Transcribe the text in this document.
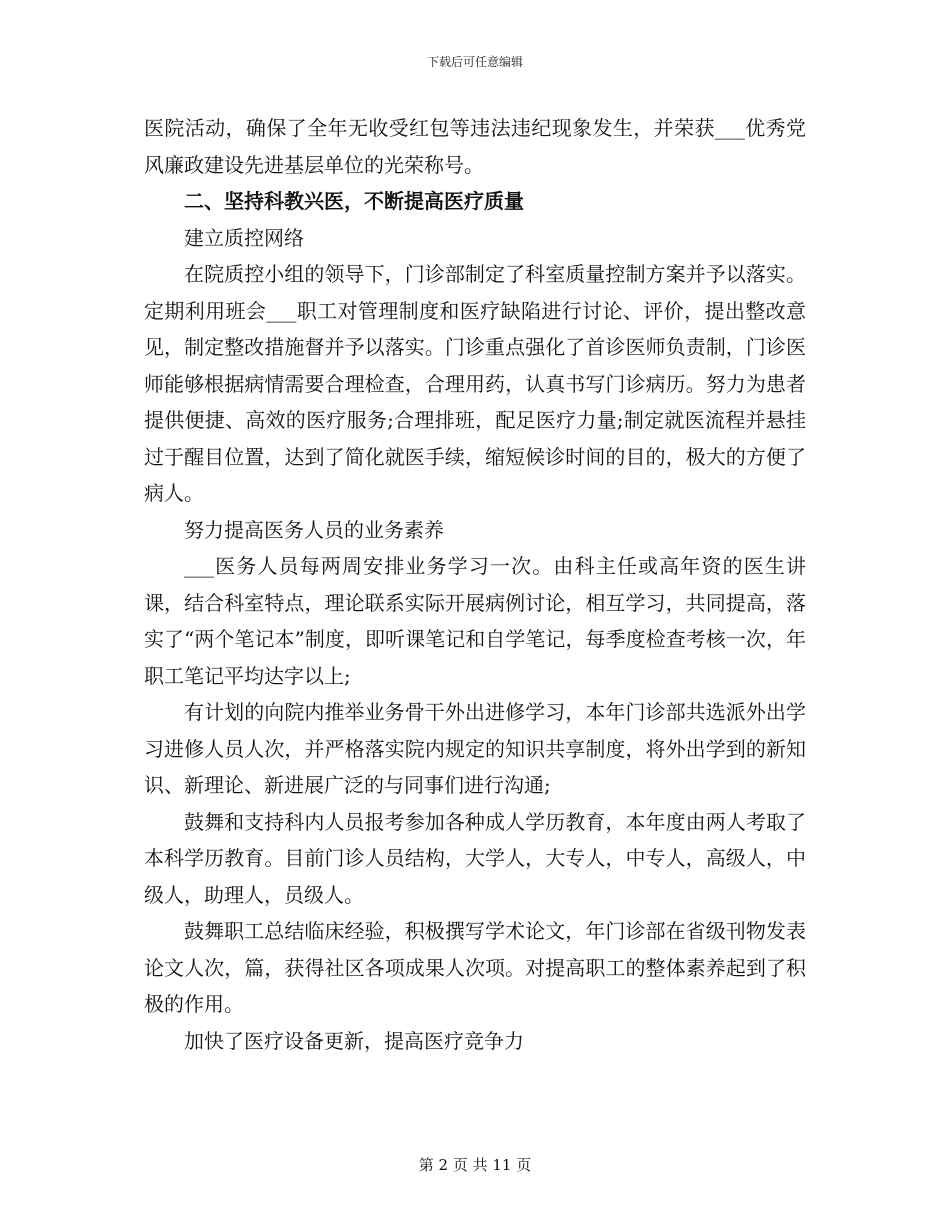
下载后可任意编辑

医院活动，确保了全年无收受红包等违法违纪现象发生，并荣获___优秀党风廉政建设先进基层单位的光荣称号。

二、坚持科教兴医，不断提高医疗质量

建立质控网络

在院质控小组的领导下，门诊部制定了科室质量控制方案并予以落实。定期利用班会___职工对管理制度和医疗缺陷进行讨论、评价，提出整改意见，制定整改措施督并予以落实。门诊重点强化了首诊医师负责制，门诊医师能够根据病情需要合理检查，合理用药，认真书写门诊病历。努力为患者提供便捷、高效的医疗服务;合理排班，配足医疗力量;制定就医流程并悬挂过于醒目位置，达到了简化就医手续，缩短候诊时间的目的，极大的方便了病人。

努力提高医务人员的业务素养

___医务人员每两周安排业务学习一次。由科主任或高年资的医生讲课，结合科室特点，理论联系实际开展病例讨论，相互学习，共同提高，落实了“两个笔记本”制度，即听课笔记和自学笔记，每季度检查考核一次，年职工笔记平均达字以上;

有计划的向院内推举业务骨干外出进修学习，本年门诊部共选派外出学习进修人员人次，并严格落实院内规定的知识共享制度，将外出学到的新知识、新理论、新进展广泛的与同事们进行沟通;

鼓舞和支持科内人员报考参加各种成人学历教育，本年度由两人考取了本科学历教育。目前门诊人员结构，大学人，大专人，中专人，高级人，中级人，助理人，员级人。

鼓舞职工总结临床经验，积极撰写学术论文，年门诊部在省级刊物发表论文人次，篇，获得社区各项成果人次项。对提高职工的整体素养起到了积极的作用。

加快了医疗设备更新，提高医疗竞争力

第 2 页 共 11 页
